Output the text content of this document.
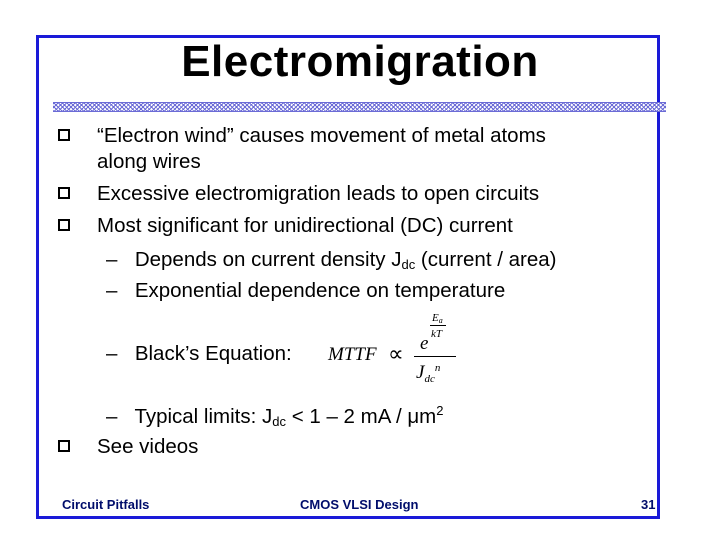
Electromigration
“Electron wind” causes movement of metal atoms
along wires
Excessive electromigration leads to open circuits
Most significant for unidirectional (DC) current
– Depends on current density $J_{dc}$ (current / area)
– Exponential dependence on temperature
– Black’s Equation: MTTF ∝
$E_a$
kT
e
$J_{dc}^n$
– Typical limits: $J_{dc} < 1 - 2$ mA / $\mu m^2$
See videos
Circuit Pitfalls	CMOS VLSI Design	31
